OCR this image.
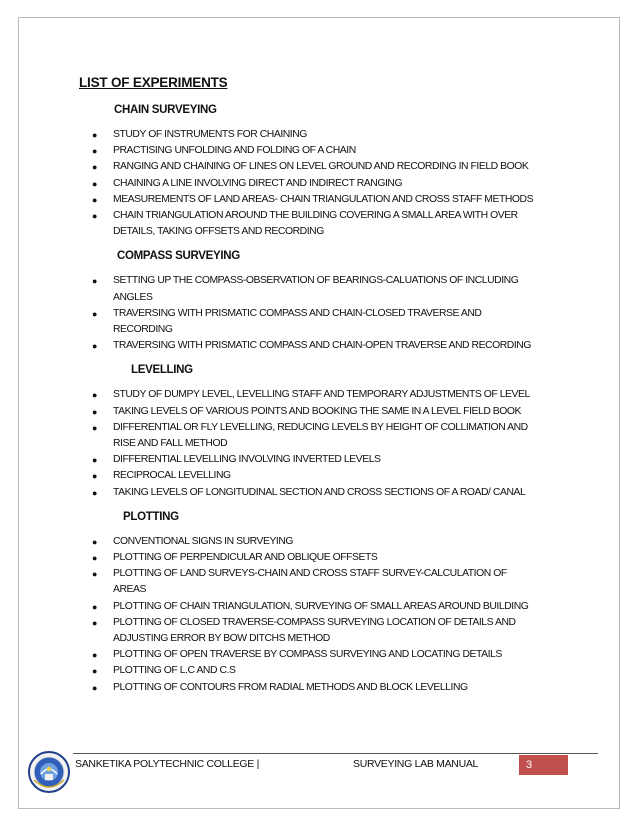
LIST OF EXPERIMENTS
CHAIN SURVEYING
● STUDY OF INSTRUMENTS FOR CHAINING
● PRACTISING UNFOLDING AND FOLDING OF A CHAIN
● RANGING AND CHAINING OF LINES ON LEVEL GROUND AND RECORDING IN FIELD BOOK
● CHAINING A LINE INVOLVING DIRECT AND INDIRECT RANGING
● MEASUREMENTS OF LAND AREAS- CHAIN TRIANGULATION AND CROSS STAFF METHODS
● CHAIN TRIANGULATION AROUND THE BUILDING COVERING A SMALL AREA WITH OVER
DETAILS, TAKING OFFSETS AND RECORDING
COMPASS SURVEYING
● SETTING UP THE COMPASS-OBSERVATION OF BEARINGS-CALUATIONS OF INCLUDING
ANGLES
● TRAVERSING WITH PRISMATIC COMPASS AND CHAIN-CLOSED TRAVERSE AND
RECORDING
● TRAVERSING WITH PRISMATIC COMPASS AND CHAIN-OPEN TRAVERSE AND RECORDING
LEVELLING
● STUDY OF DUMPY LEVEL, LEVELLING STAFF AND TEMPORARY ADJUSTMENTS OF LEVEL
● TAKING LEVELS OF VARIOUS POINTS AND BOOKING THE SAME IN A LEVEL FIELD BOOK
● DIFFERENTIAL OR FLY LEVELLING, REDUCING LEVELS BY HEIGHT OF COLLIMATION AND
RISE AND FALL METHOD
● DIFFERENTIAL LEVELLING INVOLVING INVERTED LEVELS
● RECIPROCAL LEVELLING
● TAKING LEVELS OF LONGITUDINAL SECTION AND CROSS SECTIONS OF A ROAD/ CANAL
PLOTTING
● CONVENTIONAL SIGNS IN SURVEYING
● PLOTTING OF PERPENDICULAR AND OBLIQUE OFFSETS
● PLOTTING OF LAND SURVEYS-CHAIN AND CROSS STAFF SURVEY-CALCULATION OF
AREAS
● PLOTTING OF CHAIN TRIANGULATION, SURVEYING OF SMALL AREAS AROUND BUILDING
● PLOTTING OF CLOSED TRAVERSE-COMPASS SURVEYING LOCATION OF DETAILS AND
ADJUSTING ERROR BY BOW DITCHS METHOD
● PLOTTING OF OPEN TRAVERSE BY COMPASS SURVEYING AND LOCATING DETAILS
● PLOTTING OF L.C AND C.S
● PLOTTING OF CONTOURS FROM RADIAL METHODS AND BLOCK LEVELLING
SANKETIKA POLYTECHNIC COLLEGE |	SURVEYING LAB MANUAL	3
